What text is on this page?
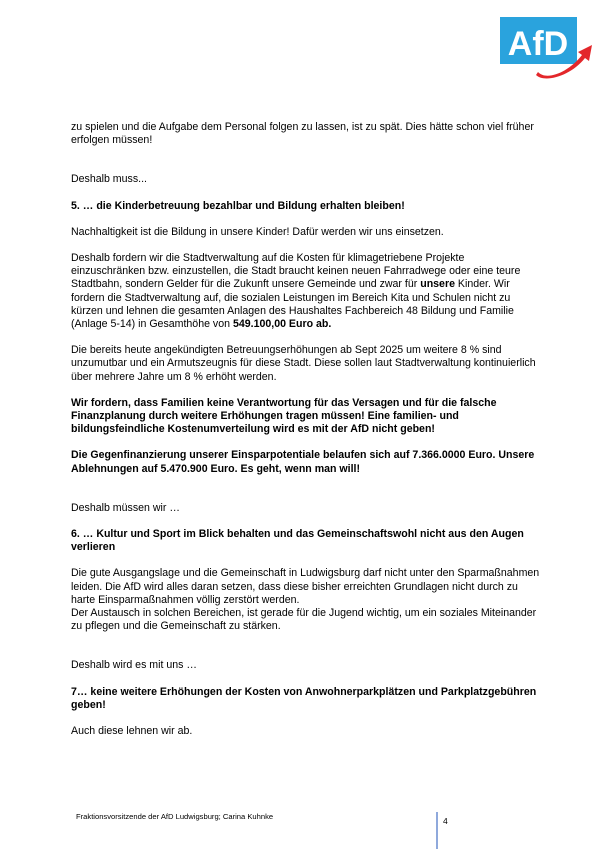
AfD

zu spielen und die Aufgabe dem Personal folgen zu lassen, ist zu spät. Dies hätte schon viel früher erfolgen müssen!

Deshalb muss...

5. … die Kinderbetreuung bezahlbar und Bildung erhalten bleiben!

Nachhaltigkeit ist die Bildung in unsere Kinder! Dafür werden wir uns einsetzen.

Deshalb fordern wir die Stadtverwaltung auf die Kosten für klimagetriebene Projekte einzuschränken bzw. einzustellen, die Stadt braucht keinen neuen Fahrradwege oder eine teure Stadtbahn, sondern Gelder für die Zukunft unsere Gemeinde und zwar für unsere Kinder. Wir fordern die Stadtverwaltung auf, die sozialen Leistungen im Bereich Kita und Schulen nicht zu kürzen und lehnen die gesamten Anlagen des Haushaltes Fachbereich 48 Bildung und Familie (Anlage 5-14) in Gesamthöhe von 549.100,00 Euro ab.

Die bereits heute angekündigten Betreuungserhöhungen ab Sept 2025 um weitere 8 % sind unzumutbar und ein Armutszeugnis für diese Stadt. Diese sollen laut Stadtverwaltung kontinuierlich über mehrere Jahre um 8 % erhöht werden.

Wir fordern, dass Familien keine Verantwortung für das Versagen und für die falsche Finanzplanung durch weitere Erhöhungen tragen müssen! Eine familien- und bildungsfeindliche Kostenumverteilung wird es mit der AfD nicht geben!

Die Gegenfinanzierung unserer Einsparpotentiale belaufen sich auf 7.366.0000 Euro. Unsere Ablehnungen auf 5.470.900 Euro. Es geht, wenn man will!

Deshalb müssen wir …

6. … Kultur und Sport im Blick behalten und das Gemeinschaftswohl nicht aus den Augen verlieren

Die gute Ausgangslage und die Gemeinschaft in Ludwigsburg darf nicht unter den Sparmaßnahmen leiden. Die AfD wird alles daran setzen, dass diese bisher erreichten Grundlagen nicht durch zu harte Einsparmaßnahmen völlig zerstört werden.

Der Austausch in solchen Bereichen, ist gerade für die Jugend wichtig, um ein soziales Miteinander zu pflegen und die Gemeinschaft zu stärken.

Deshalb wird es mit uns …

7… keine weitere Erhöhungen der Kosten von Anwohnerparkplätzen und Parkplatzgebühren geben!

Auch diese lehnen wir ab.

Fraktionsvorsitzende der AfD Ludwigsburg; Carina Kuhnke	4
